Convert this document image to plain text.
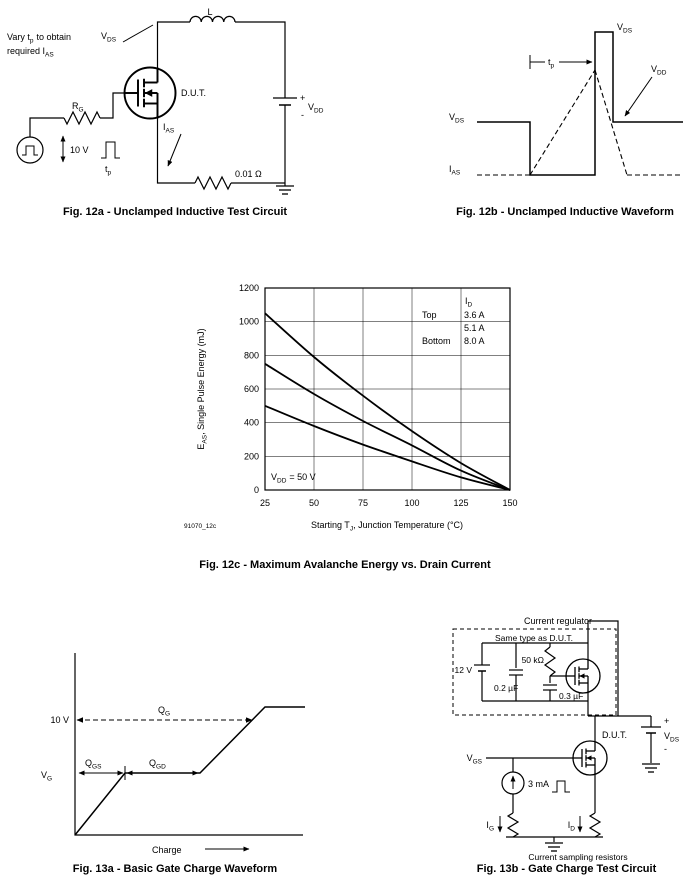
Vary $t_p$ to obtain
required $I_{AS}$
$V_{DS}$
L
$R_G$
D.U.T.	+
$V_{DD}$
-
10 V
$t_p$
$I_{AS}$
0.01 Ω
$t_p$
$V_{DS}$
$I_{AS}$
$V_{DS}$
$V_{DD}$
0
200
400
600
800
1000
1200
25	50	75	100	125	150
$E_{AS}$, Single Pulse Energy (mJ)
Starting $T_J$, Junction Temperature (°C)
$I_D$
Top	3.6 A
5.1 A
Bottom 8.0 A
$V_{DD} = 50$ V
91070_12c
10 V
$Q_G$
$Q_{GS}$	$Q_{GD}$
$V_G$
Charge
Current regulator
Same type as D.U.T.
12 V
50 kΩ
0.2 µF
0.3 µF
D.U.T.
+
$V_{DS}$
-
$V_{GS}$
3 mA
$I_G$	$I_D$
Current sampling resistors
Fig. 12a - Unclamped Inductive Test Circuit	Fig. 12b - Unclamped Inductive Waveform
Fig. 12c - Maximum Avalanche Energy vs. Drain Current
Fig. 13a - Basic Gate Charge Waveform	Fig. 13b - Gate Charge Test Circuit
